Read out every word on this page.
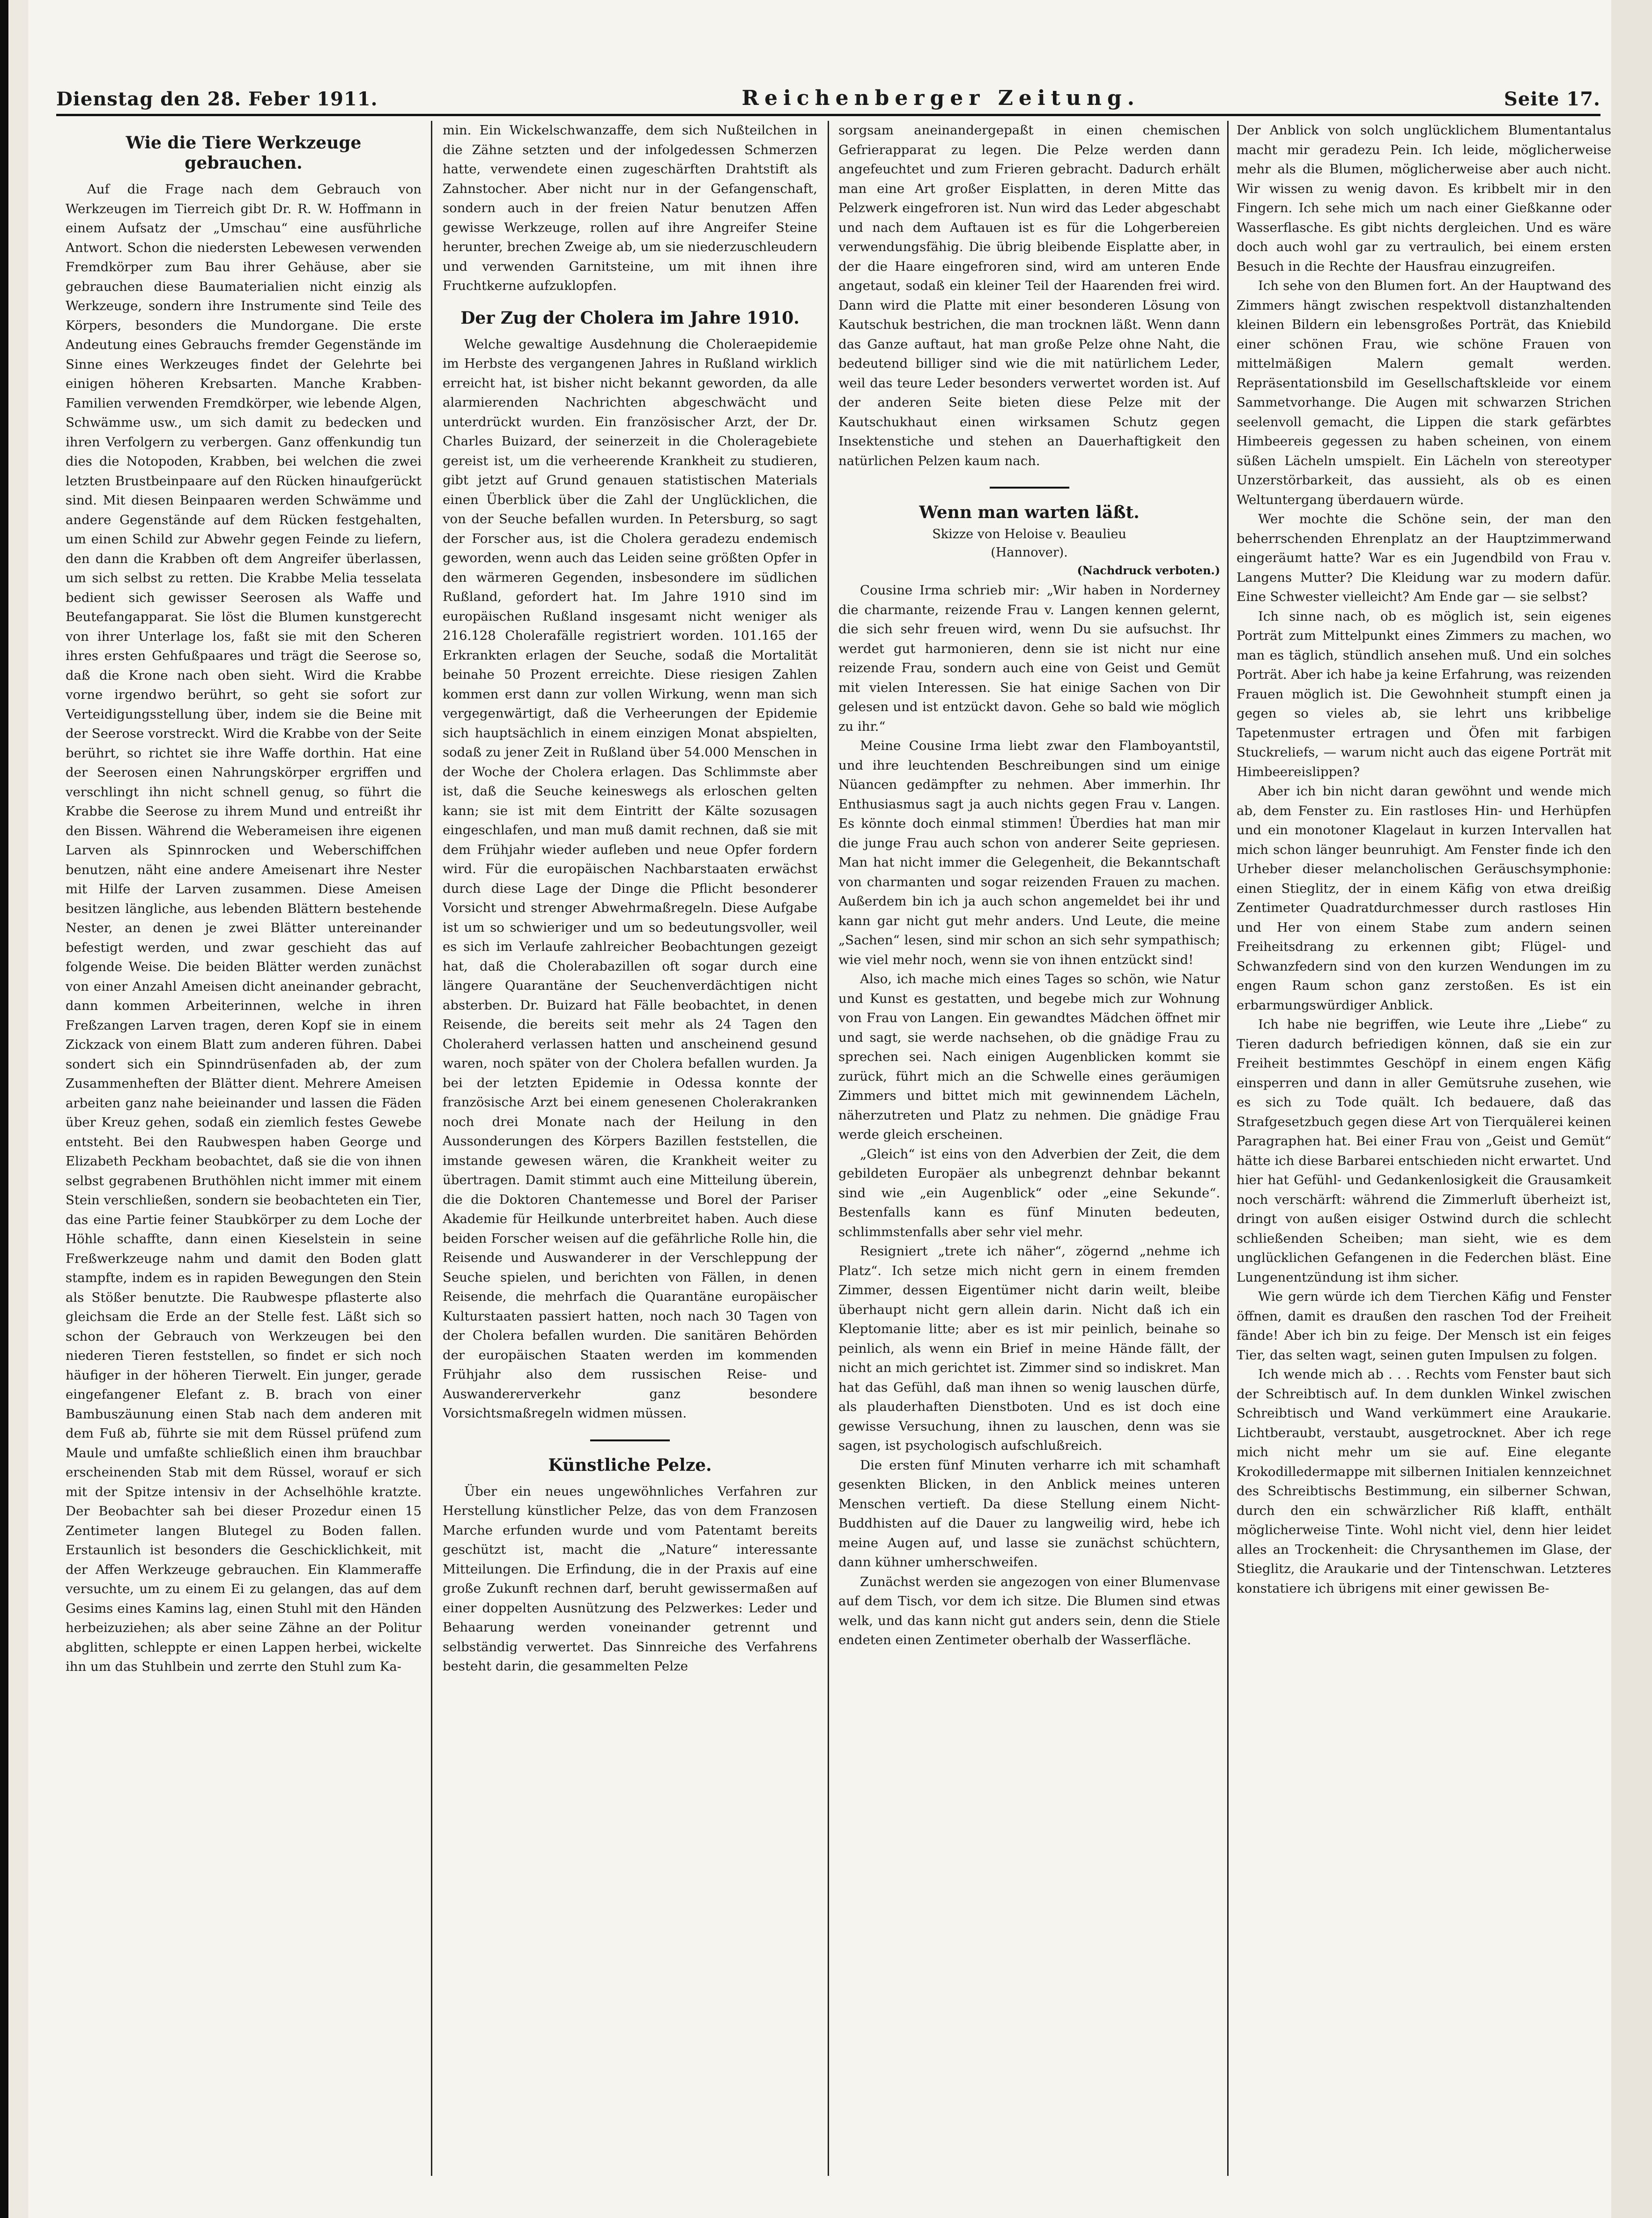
Dienstag den 28. Feber 1911.	Reichenberger Zeitung.	Seite 17.
Wie die Tiere Werkzeuge gebrauchen.

Auf die Frage nach dem Gebrauch von Werkzeugen im Tierreich gibt Dr. R. W. Hoffmann in einem Aufsatz der „Umschau“ eine ausführliche Antwort. Schon die niedersten Lebewesen verwenden Fremdkörper zum Bau ihrer Gehäuse, aber sie gebrauchen diese Baumaterialien nicht einzig als Werkzeuge, sondern ihre Instrumente sind Teile des Körpers, besonders die Mundorgane. Die erste Andeutung eines Gebrauchs fremder Gegenstände im Sinne eines Werkzeuges findet der Gelehrte bei einigen höheren Krebsarten. Manche Krabben-Familien verwenden Fremdkörper, wie lebende Algen, Schwämme usw., um sich damit zu bedecken und ihren Verfolgern zu verbergen. Ganz offenkundig tun dies die Notopoden, Krabben, bei welchen die zwei letzten Brustbeinpaare auf den Rücken hinaufgerückt sind. Mit diesen Beinpaaren werden Schwämme und andere Gegenstände auf dem Rücken festgehalten, um einen Schild zur Abwehr gegen Feinde zu liefern, den dann die Krabben oft dem Angreifer überlassen, um sich selbst zu retten. Die Krabbe Melia tesselata bedient sich gewisser Seerosen als Waffe und Beutefangapparat. Sie löst die Blumen kunstgerecht von ihrer Unterlage los, faßt sie mit den Scheren ihres ersten Gehfußpaares und trägt die Seerose so, daß die Krone nach oben sieht. Wird die Krabbe vorne irgendwo berührt, so geht sie sofort zur Verteidigungsstellung über, indem sie die Beine mit der Seerose vorstreckt. Wird die Krabbe von der Seite berührt, so richtet sie ihre Waffe dorthin. Hat eine der Seerosen einen Nahrungskörper ergriffen und verschlingt ihn nicht schnell genug, so führt die Krabbe die Seerose zu ihrem Mund und entreißt ihr den Bissen. Während die Weberameisen ihre eigenen Larven als Spinnrocken und Weberschiffchen benutzen, näht eine andere Ameisenart ihre Nester mit Hilfe der Larven zusammen. Diese Ameisen besitzen längliche, aus lebenden Blättern bestehende Nester, an denen je zwei Blätter untereinander befestigt werden, und zwar geschieht das auf folgende Weise. Die beiden Blätter werden zunächst von einer Anzahl Ameisen dicht aneinander gebracht, dann kommen Arbeiterinnen, welche in ihren Freßzangen Larven tragen, deren Kopf sie in einem Zickzack von einem Blatt zum anderen führen. Dabei sondert sich ein Spinndrüsenfaden ab, der zum Zusammenheften der Blätter dient. Mehrere Ameisen arbeiten ganz nahe beieinander und lassen die Fäden über Kreuz gehen, sodaß ein ziemlich festes Gewebe entsteht. Bei den Raubwespen haben George und Elizabeth Peckham beobachtet, daß sie die von ihnen selbst gegrabenen Bruthöhlen nicht immer mit einem Stein verschließen, sondern sie beobachteten ein Tier, das eine Partie feiner Staubkörper zu dem Loche der Höhle schaffte, dann einen Kieselstein in seine Freßwerkzeuge nahm und damit den Boden glatt stampfte, indem es in rapiden Bewegungen den Stein als Stößer benutzte. Die Raubwespe pflasterte also gleichsam die Erde an der Stelle fest. Läßt sich so schon der Gebrauch von Werkzeugen bei den niederen Tieren feststellen, so findet er sich noch häufiger in der höheren Tierwelt. Ein junger, gerade eingefangener Elefant z. B. brach von einer Bambuszäunung einen Stab nach dem anderen mit dem Fuß ab, führte sie mit dem Rüssel prüfend zum Maule und umfaßte schließlich einen ihm brauchbar erscheinenden Stab mit dem Rüssel, worauf er sich mit der Spitze intensiv in der Achselhöhle kratzte. Der Beobachter sah bei dieser Prozedur einen 15 Zentimeter langen Blutegel zu Boden fallen. Erstaunlich ist besonders die Geschicklichkeit, mit der Affen Werkzeuge gebrauchen. Ein Klammeraffe versuchte, um zu einem Ei zu gelangen, das auf dem Gesims eines Kamins lag, einen Stuhl mit den Händen herbeizuziehen; als aber seine Zähne an der Politur abglitten, schleppte er einen Lappen herbei, wickelte ihn um das Stuhlbein und zerrte den Stuhl zum Ka-

min. Ein Wickelschwanzaffe, dem sich Nußteilchen in die Zähne setzten und der infolgedessen Schmerzen hatte, verwendete einen zugeschärften Drahtstift als Zahnstocher. Aber nicht nur in der Gefangenschaft, sondern auch in der freien Natur benutzen Affen gewisse Werkzeuge, rollen auf ihre Angreifer Steine herunter, brechen Zweige ab, um sie niederzuschleudern und verwenden Garnitsteine, um mit ihnen ihre Fruchtkerne aufzuklopfen.

Der Zug der Cholera im Jahre 1910.

Welche gewaltige Ausdehnung die Choleraepidemie im Herbste des vergangenen Jahres in Rußland wirklich erreicht hat, ist bisher nicht bekannt geworden, da alle alarmierenden Nachrichten abgeschwächt und unterdrückt wurden. Ein französischer Arzt, der Dr. Charles Buizard, der seinerzeit in die Choleragebiete gereist ist, um die verheerende Krankheit zu studieren, gibt jetzt auf Grund genauen statistischen Materials einen Überblick über die Zahl der Unglücklichen, die von der Seuche befallen wurden. In Petersburg, so sagt der Forscher aus, ist die Cholera geradezu endemisch geworden, wenn auch das Leiden seine größten Opfer in den wärmeren Gegenden, insbesondere im südlichen Rußland, gefordert hat. Im Jahre 1910 sind im europäischen Rußland insgesamt nicht weniger als 216.128 Cholerafälle registriert worden. 101.165 der Erkrankten erlagen der Seuche, sodaß die Mortalität beinahe 50 Prozent erreichte. Diese riesigen Zahlen kommen erst dann zur vollen Wirkung, wenn man sich vergegenwärtigt, daß die Verheerungen der Epidemie sich hauptsächlich in einem einzigen Monat abspielten, sodaß zu jener Zeit in Rußland über 54.000 Menschen in der Woche der Cholera erlagen. Das Schlimmste aber ist, daß die Seuche keineswegs als erloschen gelten kann; sie ist mit dem Eintritt der Kälte sozusagen eingeschlafen, und man muß damit rechnen, daß sie mit dem Frühjahr wieder aufleben und neue Opfer fordern wird. Für die europäischen Nachbarstaaten erwächst durch diese Lage der Dinge die Pflicht besonderer Vorsicht und strenger Abwehrmaßregeln. Diese Aufgabe ist um so schwieriger und um so bedeutungsvoller, weil es sich im Verlaufe zahlreicher Beobachtungen gezeigt hat, daß die Cholerabazillen oft sogar durch eine längere Quarantäne der Seuchenverdächtigen nicht absterben. Dr. Buizard hat Fälle beobachtet, in denen Reisende, die bereits seit mehr als 24 Tagen den Choleraherd verlassen hatten und anscheinend gesund waren, noch später von der Cholera befallen wurden. Ja bei der letzten Epidemie in Odessa konnte der französische Arzt bei einem genesenen Cholerakranken noch drei Monate nach der Heilung in den Aussonderungen des Körpers Bazillen feststellen, die imstande gewesen wären, die Krankheit weiter zu übertragen. Damit stimmt auch eine Mitteilung überein, die die Doktoren Chantemesse und Borel der Pariser Akademie für Heilkunde unterbreitet haben. Auch diese beiden Forscher weisen auf die gefährliche Rolle hin, die Reisende und Auswanderer in der Verschleppung der Seuche spielen, und berichten von Fällen, in denen Reisende, die mehrfach die Quarantäne europäischer Kulturstaaten passiert hatten, noch nach 30 Tagen von der Cholera befallen wurden. Die sanitären Behörden der europäischen Staaten werden im kommenden Frühjahr also dem russischen Reise- und Auswandererverkehr ganz besondere Vorsichtsmaßregeln widmen müssen.

Künstliche Pelze.

Über ein neues ungewöhnliches Verfahren zur Herstellung künstlicher Pelze, das von dem Franzosen Marche erfunden wurde und vom Patentamt bereits geschützt ist, macht die „Nature“ interessante Mitteilungen. Die Erfindung, die in der Praxis auf eine große Zukunft rechnen darf, beruht gewissermaßen auf einer doppelten Ausnützung des Pelzwerkes: Leder und Behaarung werden voneinander getrennt und selbständig verwertet. Das Sinnreiche des Verfahrens besteht darin, die gesammelten Pelze

sorgsam aneinandergepaßt in einen chemischen Gefrierapparat zu legen. Die Pelze werden dann angefeuchtet und zum Frieren gebracht. Dadurch erhält man eine Art großer Eisplatten, in deren Mitte das Pelzwerk eingefroren ist. Nun wird das Leder abgeschabt und nach dem Auftauen ist es für die Lohgerbereien verwendungsfähig. Die übrig bleibende Eisplatte aber, in der die Haare eingefroren sind, wird am unteren Ende angetaut, sodaß ein kleiner Teil der Haarenden frei wird. Dann wird die Platte mit einer besonderen Lösung von Kautschuk bestrichen, die man trocknen läßt. Wenn dann das Ganze auftaut, hat man große Pelze ohne Naht, die bedeutend billiger sind wie die mit natürlichem Leder, weil das teure Leder besonders verwertet worden ist. Auf der anderen Seite bieten diese Pelze mit der Kautschukhaut einen wirksamen Schutz gegen Insektenstiche und stehen an Dauerhaftigkeit den natürlichen Pelzen kaum nach.

Wenn man warten läßt.
Skizze von Heloise v. Beaulieu
(Hannover).
(Nachdruck verboten.)

Cousine Irma schrieb mir: „Wir haben in Norderney die charmante, reizende Frau v. Langen kennen gelernt, die sich sehr freuen wird, wenn Du sie aufsuchst. Ihr werdet gut harmonieren, denn sie ist nicht nur eine reizende Frau, sondern auch eine von Geist und Gemüt mit vielen Interessen. Sie hat einige Sachen von Dir gelesen und ist entzückt davon. Gehe so bald wie möglich zu ihr.“

Meine Cousine Irma liebt zwar den Flamboyantstil, und ihre leuchtenden Beschreibungen sind um einige Nüancen gedämpfter zu nehmen. Aber immerhin. Ihr Enthusiasmus sagt ja auch nichts gegen Frau v. Langen. Es könnte doch einmal stimmen! Überdies hat man mir die junge Frau auch schon von anderer Seite gepriesen. Man hat nicht immer die Gelegenheit, die Bekanntschaft von charmanten und sogar reizenden Frauen zu machen. Außerdem bin ich ja auch schon angemeldet bei ihr und kann gar nicht gut mehr anders. Und Leute, die meine „Sachen“ lesen, sind mir schon an sich sehr sympathisch; wie viel mehr noch, wenn sie von ihnen entzückt sind!

Also, ich mache mich eines Tages so schön, wie Natur und Kunst es gestatten, und begebe mich zur Wohnung von Frau von Langen. Ein gewandtes Mädchen öffnet mir und sagt, sie werde nachsehen, ob die gnädige Frau zu sprechen sei. Nach einigen Augenblicken kommt sie zurück, führt mich an die Schwelle eines geräumigen Zimmers und bittet mich mit gewinnendem Lächeln, näherzutreten und Platz zu nehmen. Die gnädige Frau werde gleich erscheinen.

„Gleich“ ist eins von den Adverbien der Zeit, die dem gebildeten Europäer als unbegrenzt dehnbar bekannt sind wie „ein Augenblick“ oder „eine Sekunde“. Bestenfalls kann es fünf Minuten bedeuten, schlimmstenfalls aber sehr viel mehr.

Resigniert „trete ich näher“, zögernd „nehme ich Platz“. Ich setze mich nicht gern in einem fremden Zimmer, dessen Eigentümer nicht darin weilt, bleibe überhaupt nicht gern allein darin. Nicht daß ich ein Kleptomanie litte; aber es ist mir peinlich, beinahe so peinlich, als wenn ein Brief in meine Hände fällt, der nicht an mich gerichtet ist. Zimmer sind so indiskret. Man hat das Gefühl, daß man ihnen so wenig lauschen dürfe, als plauderhaften Dienstboten. Und es ist doch eine gewisse Versuchung, ihnen zu lauschen, denn was sie sagen, ist psychologisch aufschlußreich.

Die ersten fünf Minuten verharre ich mit schamhaft gesenkten Blicken, in den Anblick meines unteren Menschen vertieft. Da diese Stellung einem Nicht-Buddhisten auf die Dauer zu langweilig wird, hebe ich meine Augen auf, und lasse sie zunächst schüchtern, dann kühner umherschweifen.

Zunächst werden sie angezogen von einer Blumenvase auf dem Tisch, vor dem ich sitze. Die Blumen sind etwas welk, und das kann nicht gut anders sein, denn die Stiele endeten einen Zentimeter oberhalb der Wasserfläche.

Der Anblick von solch unglücklichem Blumentantalus macht mir geradezu Pein. Ich leide, möglicherweise mehr als die Blumen, möglicherweise aber auch nicht. Wir wissen zu wenig davon. Es kribbelt mir in den Fingern. Ich sehe mich um nach einer Gießkanne oder Wasserflasche. Es gibt nichts dergleichen. Und es wäre doch auch wohl gar zu vertraulich, bei einem ersten Besuch in die Rechte der Hausfrau einzugreifen.

Ich sehe von den Blumen fort. An der Hauptwand des Zimmers hängt zwischen respektvoll distanzhaltenden kleinen Bildern ein lebensgroßes Porträt, das Kniebild einer schönen Frau, wie schöne Frauen von mittelmäßigen Malern gemalt werden. Repräsentationsbild im Gesellschaftskleide vor einem Sammetvorhange. Die Augen mit schwarzen Strichen seelenvoll gemacht, die Lippen die stark gefärbtes Himbeereis gegessen zu haben scheinen, von einem süßen Lächeln umspielt. Ein Lächeln von stereotyper Unzerstörbarkeit, das aussieht, als ob es einen Weltuntergang überdauern würde.

Wer mochte die Schöne sein, der man den beherrschenden Ehrenplatz an der Hauptzimmerwand eingeräumt hatte? War es ein Jugendbild von Frau v. Langens Mutter? Die Kleidung war zu modern dafür. Eine Schwester vielleicht? Am Ende gar — sie selbst?

Ich sinne nach, ob es möglich ist, sein eigenes Porträt zum Mittelpunkt eines Zimmers zu machen, wo man es täglich, stündlich ansehen muß. Und ein solches Porträt. Aber ich habe ja keine Erfahrung, was reizenden Frauen möglich ist. Die Gewohnheit stumpft einen ja gegen so vieles ab, sie lehrt uns kribbelige Tapetenmuster ertragen und Öfen mit farbigen Stuckreliefs, — warum nicht auch das eigene Porträt mit Himbeereislippen?

Aber ich bin nicht daran gewöhnt und wende mich ab, dem Fenster zu. Ein rastloses Hin- und Herhüpfen und ein monotoner Klagelaut in kurzen Intervallen hat mich schon länger beunruhigt. Am Fenster finde ich den Urheber dieser melancholischen Geräuschsymphonie: einen Stieglitz, der in einem Käfig von etwa dreißig Zentimeter Quadratdurchmesser durch rastloses Hin und Her von einem Stabe zum andern seinen Freiheitsdrang zu erkennen gibt; Flügel- und Schwanzfedern sind von den kurzen Wendungen im zu engen Raum schon ganz zerstoßen. Es ist ein erbarmungswürdiger Anblick.

Ich habe nie begriffen, wie Leute ihre „Liebe“ zu Tieren dadurch befriedigen können, daß sie ein zur Freiheit bestimmtes Geschöpf in einem engen Käfig einsperren und dann in aller Gemütsruhe zusehen, wie es sich zu Tode quält. Ich bedauere, daß das Strafgesetzbuch gegen diese Art von Tierquälerei keinen Paragraphen hat. Bei einer Frau von „Geist und Gemüt“ hätte ich diese Barbarei entschieden nicht erwartet. Und hier hat Gefühl- und Gedankenlosigkeit die Grausamkeit noch verschärft: während die Zimmerluft überheizt ist, dringt von außen eisiger Ostwind durch die schlecht schließenden Scheiben; man sieht, wie es dem unglücklichen Gefangenen in die Federchen bläst. Eine Lungenentzündung ist ihm sicher.

Wie gern würde ich dem Tierchen Käfig und Fenster öffnen, damit es draußen den raschen Tod der Freiheit fände! Aber ich bin zu feige. Der Mensch ist ein feiges Tier, das selten wagt, seinen guten Impulsen zu folgen.

Ich wende mich ab . . . Rechts vom Fenster baut sich der Schreibtisch auf. In dem dunklen Winkel zwischen Schreibtisch und Wand verkümmert eine Araukarie. Lichtberaubt, verstaubt, ausgetrocknet. Aber ich rege mich nicht mehr um sie auf. Eine elegante Krokodilledermappe mit silbernen Initialen kennzeichnet des Schreibtischs Bestimmung, ein silberner Schwan, durch den ein schwärzlicher Riß klafft, enthält möglicherweise Tinte. Wohl nicht viel, denn hier leidet alles an Trockenheit: die Chrysanthemen im Glase, der Stieglitz, die Araukarie und der Tintenschwan. Letzteres konstatiere ich übrigens mit einer gewissen Be-
